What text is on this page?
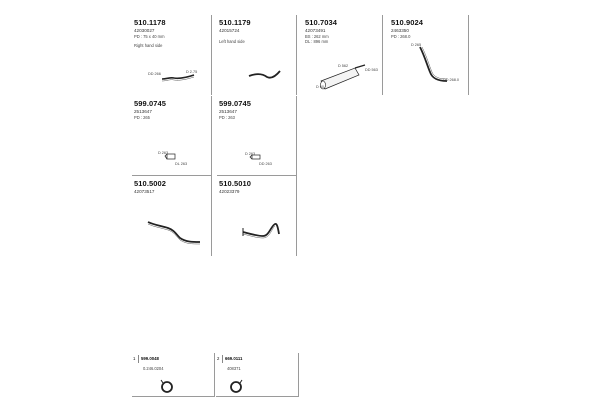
510.1178
42030027
PD : 75 x 40 mm
Right hand side
DD 266	D 2.75
510.1179
42015724
Left hand side
510.7034
42073491
BS : 262 mm
DL : 896 mm
DD 563
D 562
D 60
510.9024
2463350
PD : 268.0
D 265
DD 268.0
599.0745
2513647
PD : 265
D 263
DL 263
599.0745
2513647
PD : 263
D 263
DD 263
510.5002
42073517
510.5010
42023379
1 599.0048
0.246.0204
2 669.0111
408371
